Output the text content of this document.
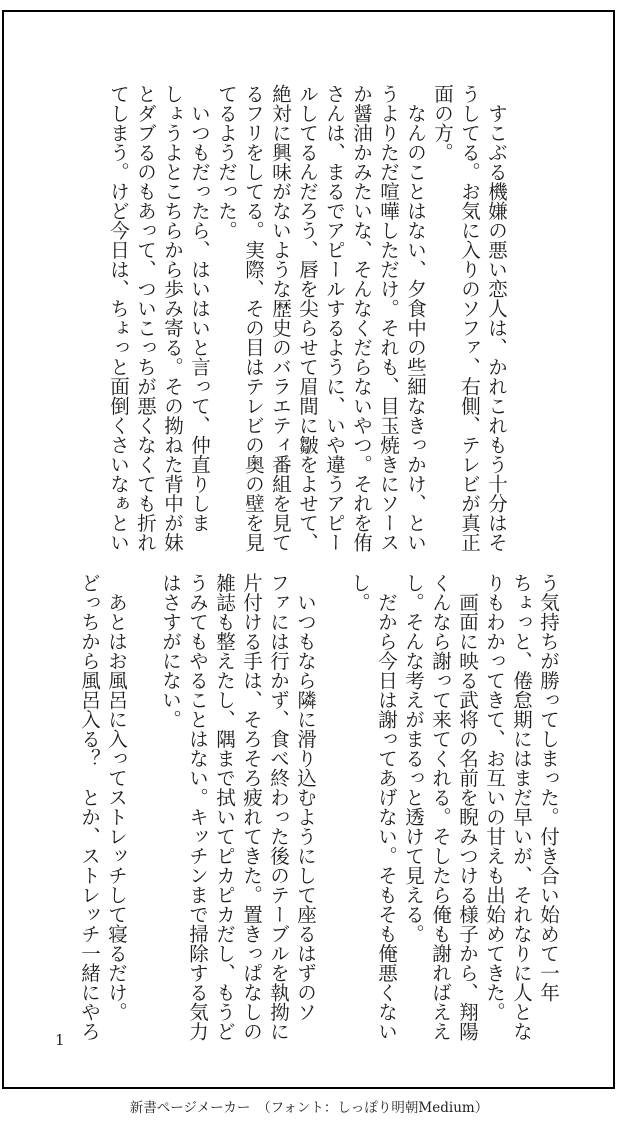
　すこぶる機嫌の悪い恋人は、かれこれもう十分はそ
うしてる。お気に入りのソファ、右側、テレビが真正
面の方。
　なんのことはない、夕食中の些細なきっかけ、とい
うよりただ喧嘩しただけ。それも、目玉焼きにソース
か醤油かみたいな、そんなくだらないやつ。それを侑
さんは、まるでアピールするように、いや違うアピー
ルしてるんだろう、唇を尖らせて眉間に皺をよせて、
絶対に興味がないような歴史のバラエティ番組を見て
るフリをしてる。実際、その目はテレビの奥の壁を見
てるようだった。
　いつもだったら、はいはいと言って、仲直りしま
しょうよとこちらから歩み寄る。その拗ねた背中が妹
とダブるのもあって、ついこっちが悪くなくても折れ
てしまう。けど今日は、ちょっと面倒くさいなぁとい
う気持ちが勝ってしまった。付き合い始めて一年
ちょっと、倦怠期にはまだ早いが、それなりに人とな
りもわかってきて、お互いの甘えも出始めてきた。
　画面に映る武将の名前を睨みつける様子から、翔陽
くんなら謝って来てくれる。そしたら俺も謝ればええ
し。そんな考えがまるっと透けて見える。
　だから今日は謝ってあげない。そもそも俺悪くない
し。
　いつもなら隣に滑り込むようにして座るはずのソ
ファには行かず、食べ終わった後のテーブルを執拗に
片付ける手は、そろそろ疲れてきた。置きっぱなしの
雑誌も整えたし、隅まで拭いてピカピカだし、もうど
うみてもやることはない。キッチンまで掃除する気力
はさすがにない。
　あとはお風呂に入ってストレッチして寝るだけ。
どっちから風呂入る？　とか、ストレッチ一緒にやろ
1
新書ページメーカー　（フォント：しっぽり明朝Medium）
